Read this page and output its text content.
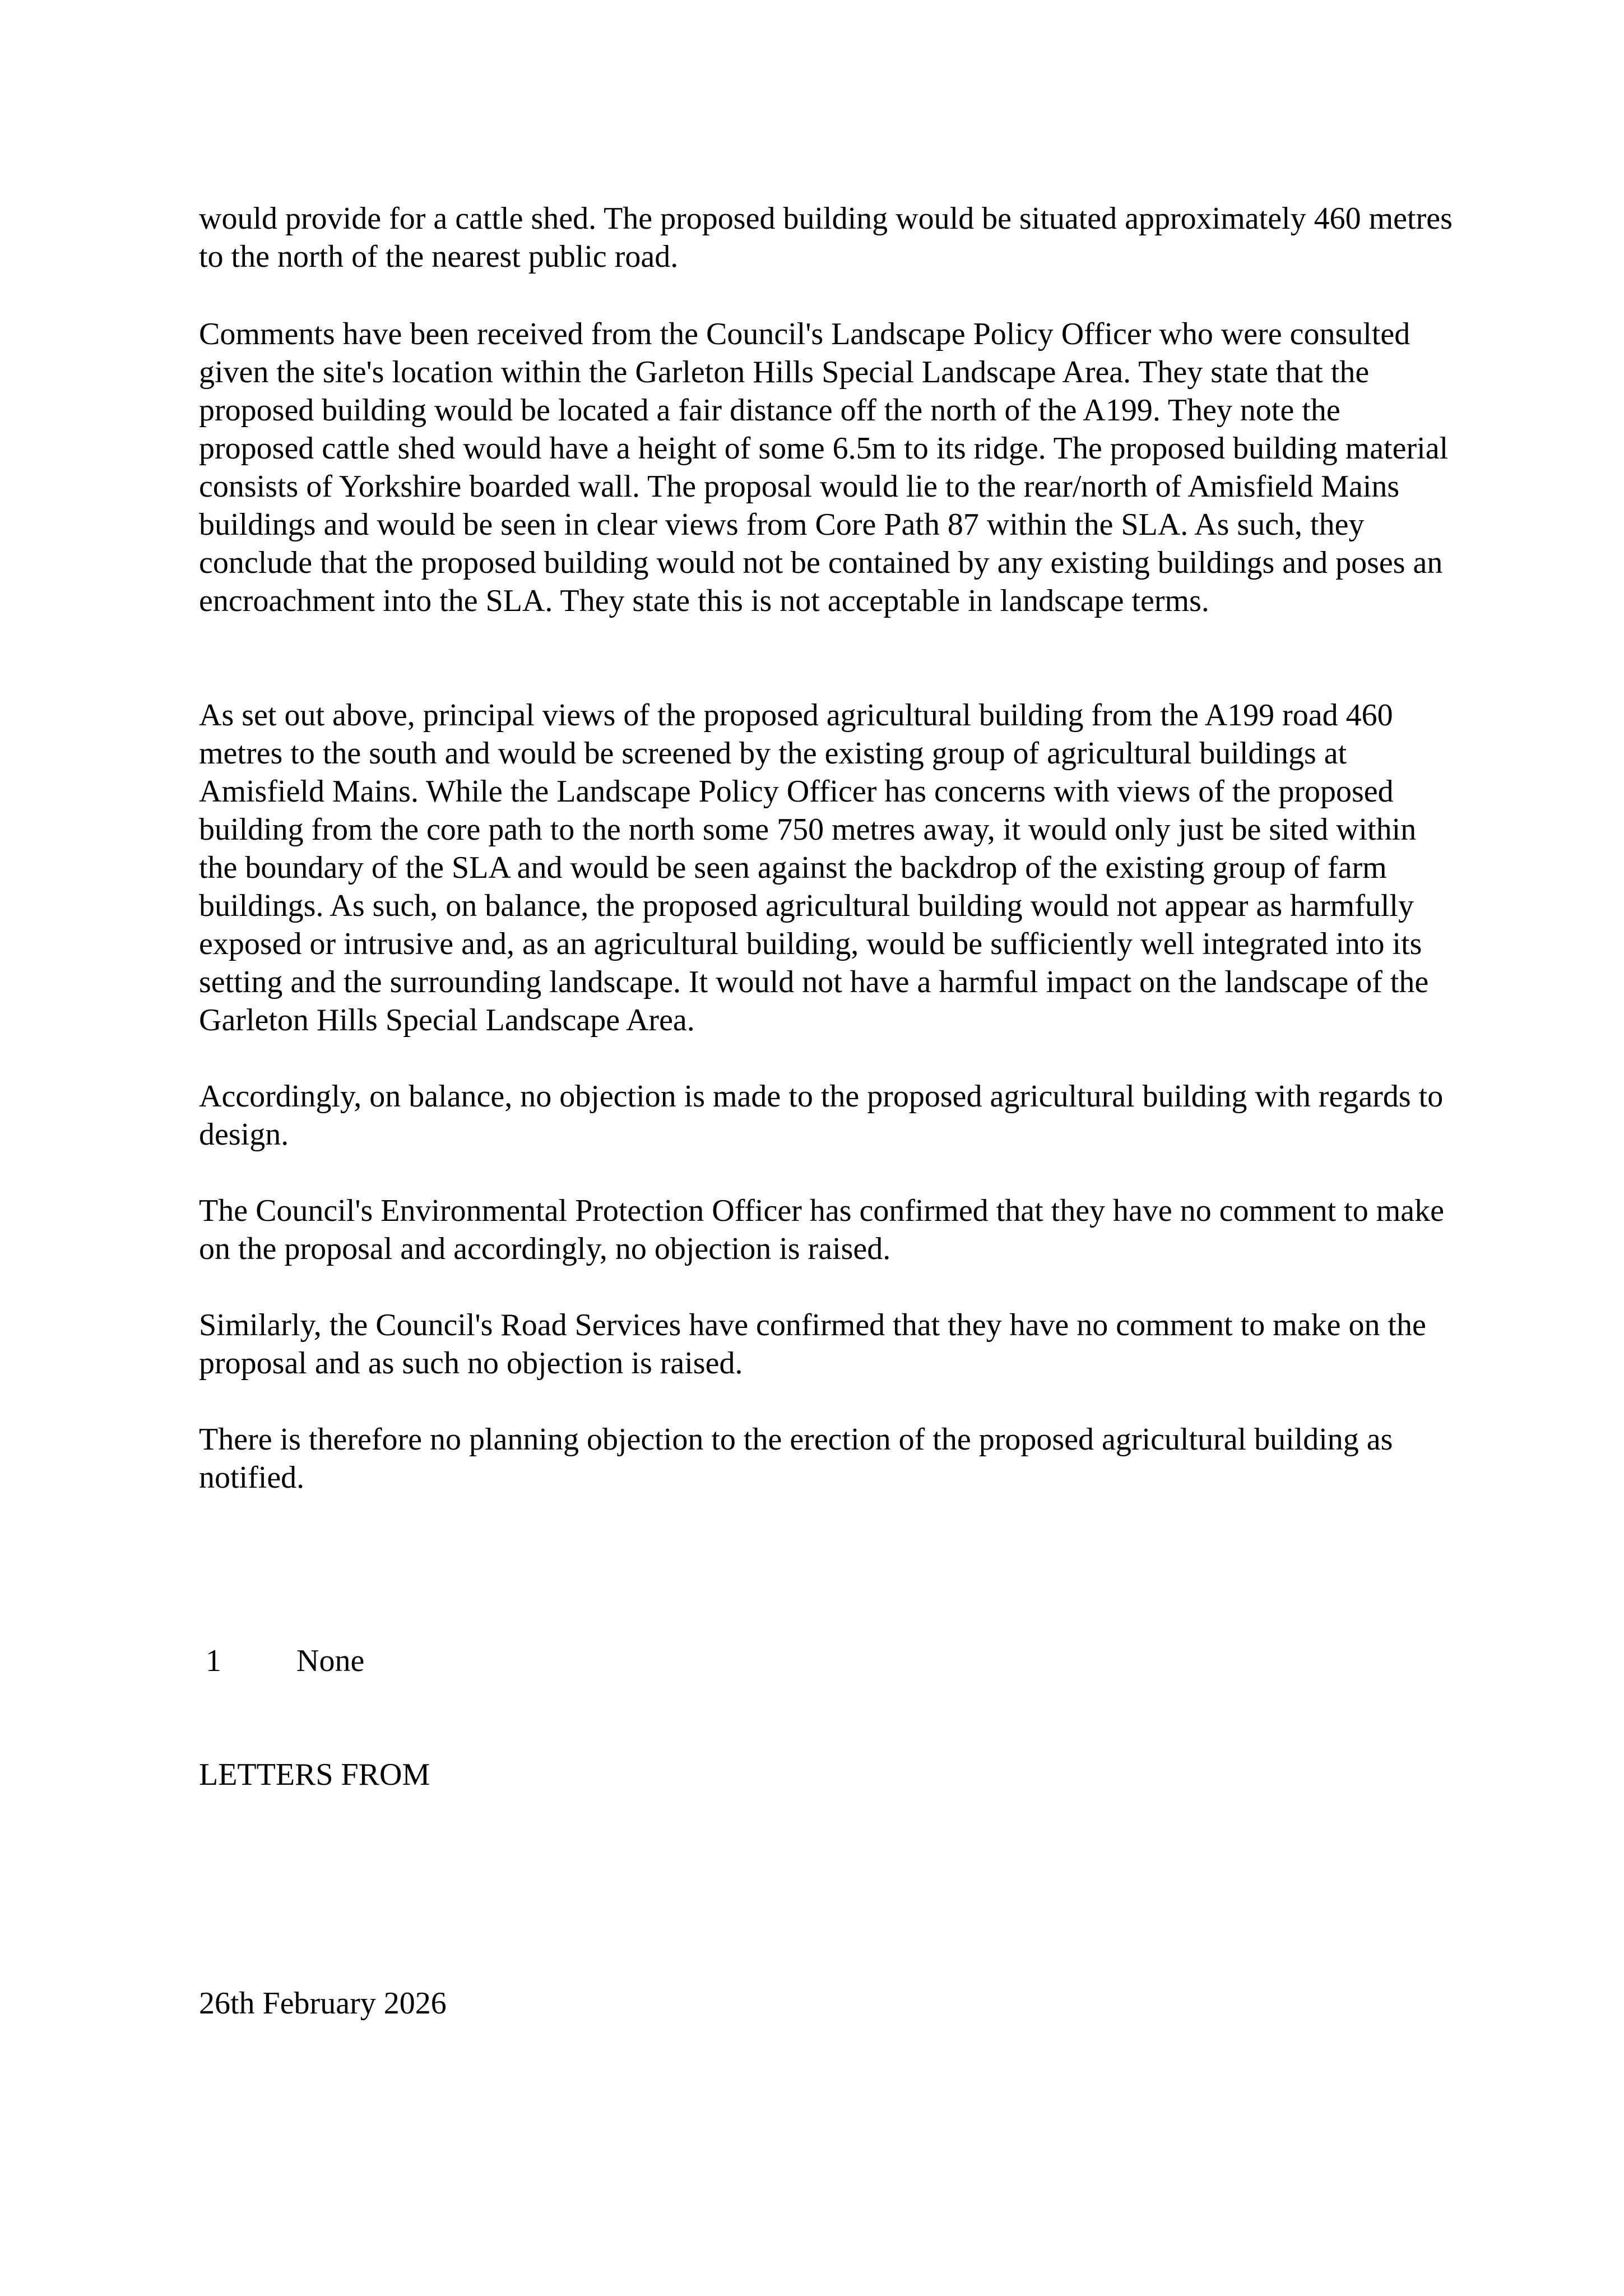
would provide for a cattle shed. The proposed building would be situated approximately 460 metres to the north of the nearest public road.

Comments have been received from the Council's Landscape Policy Officer who were consulted given the site's location within the Garleton Hills Special Landscape Area. They state that the proposed building would be located a fair distance off the north of the A199. They note the proposed cattle shed would have a height of some 6.5m to its ridge. The proposed building material consists of Yorkshire boarded wall. The proposal would lie to the rear/north of Amisfield Mains buildings and would be seen in clear views from Core Path 87 within the SLA. As such, they conclude that the proposed building would not be contained by any existing buildings and poses an encroachment into the SLA. They state this is not acceptable in landscape terms.

As set out above, principal views of the proposed agricultural building from the A199 road 460 metres to the south and would be screened by the existing group of agricultural buildings at Amisfield Mains. While the Landscape Policy Officer has concerns with views of the proposed building from the core path to the north some 750 metres away, it would only just be sited within the boundary of the SLA and would be seen against the backdrop of the existing group of farm buildings. As such, on balance, the proposed agricultural building would not appear as harmfully exposed or intrusive and, as an agricultural building, would be sufficiently well integrated into its setting and the surrounding landscape. It would not have a harmful impact on the landscape of the Garleton Hills Special Landscape Area.

Accordingly, on balance, no objection is made to the proposed agricultural building with regards to design.

The Council's Environmental Protection Officer has confirmed that they have no comment to make on the proposal and accordingly, no objection is raised.

Similarly, the Council's Road Services have confirmed that they have no comment to make on the proposal and as such no objection is raised.

There is therefore no planning objection to the erection of the proposed agricultural building as notified.

1 None
LETTERS FROM
26th February 2026
